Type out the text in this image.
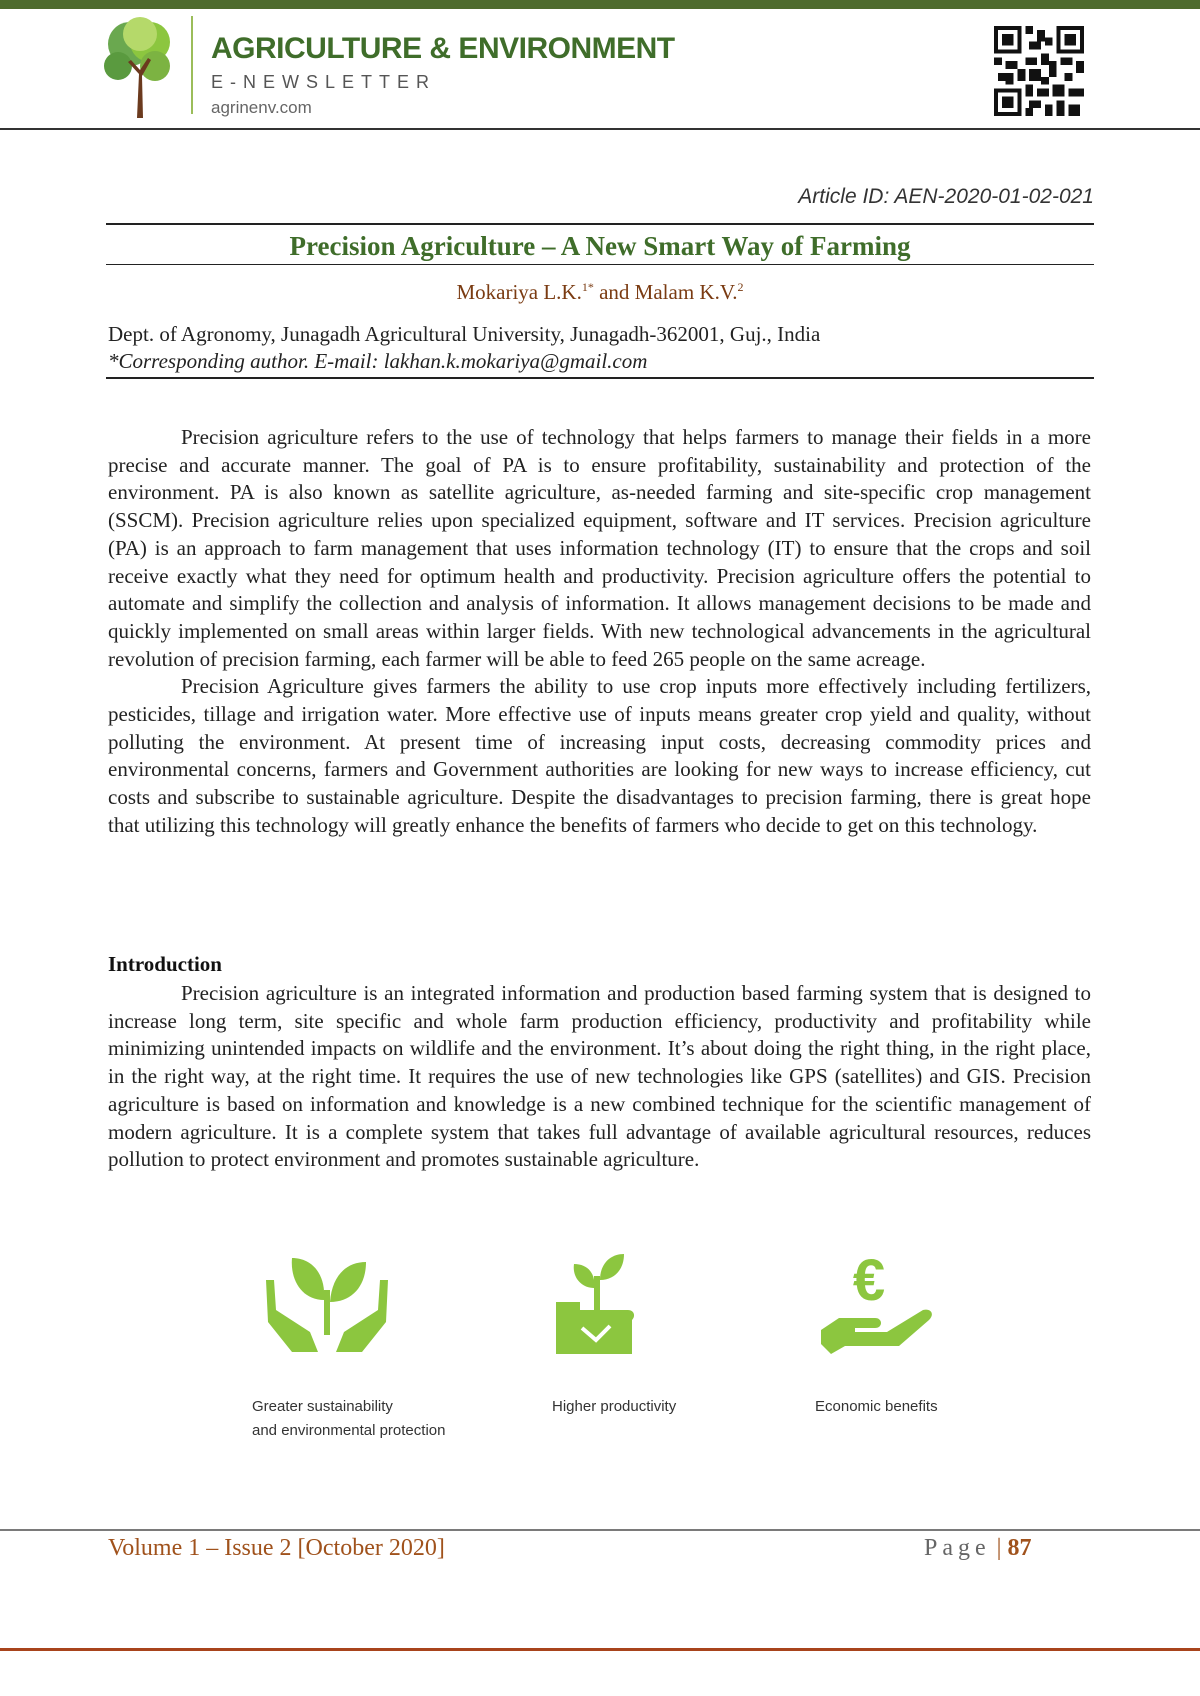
AGRICULTURE & ENVIRONMENT
E-NEWSLETTER
agrinenv.com
Article ID: AEN-2020-01-02-021
Precision Agriculture – A New Smart Way of Farming
Mokariya L.K.$^{1*}$ and Malam K.V.$^2$
Dept. of Agronomy, Junagadh Agricultural University, Junagadh-362001, Guj., India
*Corresponding author. E-mail: lakhan.k.mokariya@gmail.com

Precision agriculture refers to the use of technology that helps farmers to manage their fields in a more precise and accurate manner. The goal of PA is to ensure profitability, sustainability and protection of the environment. PA is also known as satellite agriculture, as-needed farming and site-specific crop management (SSCM). Precision agriculture relies upon specialized equipment, software and IT services. Precision agriculture (PA) is an approach to farm management that uses information technology (IT) to ensure that the crops and soil receive exactly what they need for optimum health and productivity. Precision agriculture offers the potential to automate and simplify the collection and analysis of information. It allows management decisions to be made and quickly implemented on small areas within larger fields. With new technological advancements in the agricultural revolution of precision farming, each farmer will be able to feed 265 people on the same acreage.

Precision Agriculture gives farmers the ability to use crop inputs more effectively including fertilizers, pesticides, tillage and irrigation water. More effective use of inputs means greater crop yield and quality, without polluting the environment. At present time of increasing input costs, decreasing commodity prices and environmental concerns, farmers and Government authorities are looking for new ways to increase efficiency, cut costs and subscribe to sustainable agriculture. Despite the disadvantages to precision farming, there is great hope that utilizing this technology will greatly enhance the benefits of farmers who decide to get on this technology.

Introduction

Precision agriculture is an integrated information and production based farming system that is designed to increase long term, site specific and whole farm production efficiency, productivity and profitability while minimizing unintended impacts on wildlife and the environment. It’s about doing the right thing, in the right place, in the right way, at the right time. It requires the use of new technologies like GPS (satellites) and GIS. Precision agriculture is based on information and knowledge is a new combined technique for the scientific management of modern agriculture. It is a complete system that takes full advantage of available agricultural resources, reduces pollution to protect environment and promotes sustainable agriculture.

Greater sustainability
and environmental protection
Higher productivity
€
Economic benefits
Volume 1 – Issue 2 [October 2020]	Page | 87
